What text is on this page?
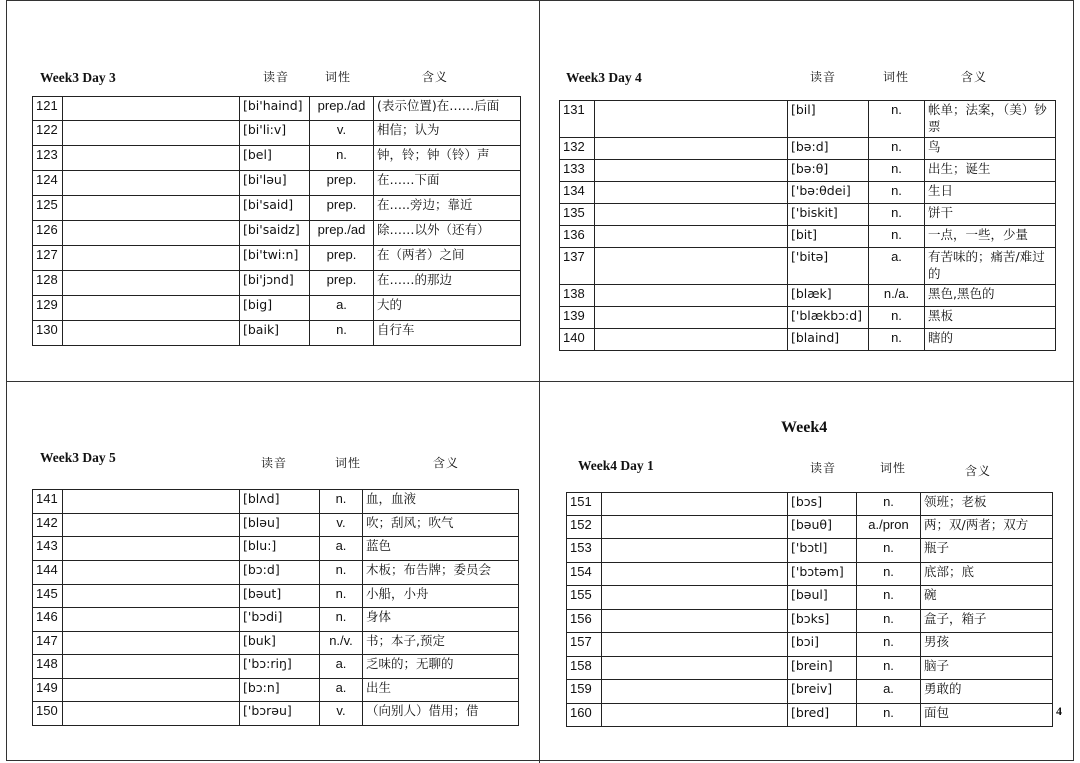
Week3 Day 3	读音	词性	含义
121		[bi'haind]	prep./ad	(表示位置)在……后面
122		[bi'li:v]	v.	相信；认为
123		[bel]	n.	钟，铃；钟（铃）声
124		[bi'ləu]	prep.	在……下面
125		[bi'said]	prep.	在…..旁边；靠近
126		[bi'saidz]	prep./ad	除……以外（还有）
127		[bi'twi:n]	prep.	在（两者）之间
128		[bi'jɔnd]	prep.	在……的那边
129		[big]	a.	大的
130		[baik]	n.	自行车
Week3 Day 4	读音	词性	含义
131		[bil]	n.	帐单；法案，（美）钞票
132		[bə:d]	n.	鸟
133		[bə:θ]	n.	出生；诞生
134		['bə:θdei]	n.	生日
135		['biskit]	n.	饼干
136		[bit]	n.	一点，一些，少量
137		['bitə]	a.	有苦味的；痛苦/难过的
138		[blæk]	n./a.	黑色,黑色的
139		['blækbɔ:d]	n.	黑板
140		[blaind]	n.	瞎的
Week3 Day 5	读音	词性	含义
141		[blʌd]	n.	血，血液
142		[bləu]	v.	吹；刮风；吹气
143		[blu:]	a.	蓝色
144		[bɔ:d]	n.	木板；布告牌；委员会
145		[bəut]	n.	小船，小舟
146		['bɔdi]	n.	身体
147		[buk]	n./v.	书；本子,预定
148		['bɔ:riŋ]	a.	乏味的；无聊的
149		[bɔ:n]	a.	出生
150		['bɔrəu]	v.	（向别人）借用；借
Week4
Week4 Day 1	读音	词性	含义
151		[bɔs]	n.	领班；老板
152		[bəuθ]	a./pron	两；双/两者；双方
153		['bɔtl]	n.	瓶子
154		['bɔtəm]	n.	底部；底
155		[bəul]	n.	碗
156		[bɔks]	n.	盒子，箱子
157		[bɔi]	n.	男孩
158		[brein]	n.	脑子
159		[breiv]	a.	勇敢的
160		[bred]	n.	面包	4
